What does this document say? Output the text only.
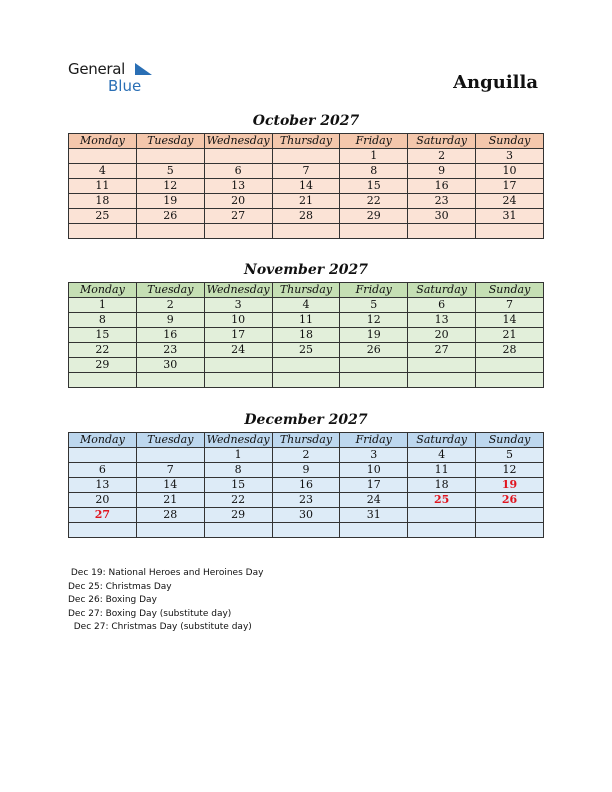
General
Blue	Anguilla
October 2027
Monday	Tuesday	Wednesday	Thursday	Friday	Saturday	Sunday
				1	2	3
4	5	6	7	8	9	10
11	12	13	14	15	16	17
18	19	20	21	22	23	24
25	26	27	28	29	30	31

November 2027
Monday	Tuesday	Wednesday	Thursday	Friday	Saturday	Sunday
1	2	3	4	5	6	7
8	9	10	11	12	13	14
15	16	17	18	19	20	21
22	23	24	25	26	27	28
29	30					

December 2027
Monday	Tuesday	Wednesday	Thursday	Friday	Saturday	Sunday
		1	2	3	4	5
6	7	8	9	10	11	12
13	14	15	16	17	18	19
20	21	22	23	24	25	26
27	28	29	30	31		

Dec 19: National Heroes and Heroines Day
Dec 25: Christmas Day
Dec 26: Boxing Day
Dec 27: Boxing Day (substitute day)
Dec 27: Christmas Day (substitute day)
